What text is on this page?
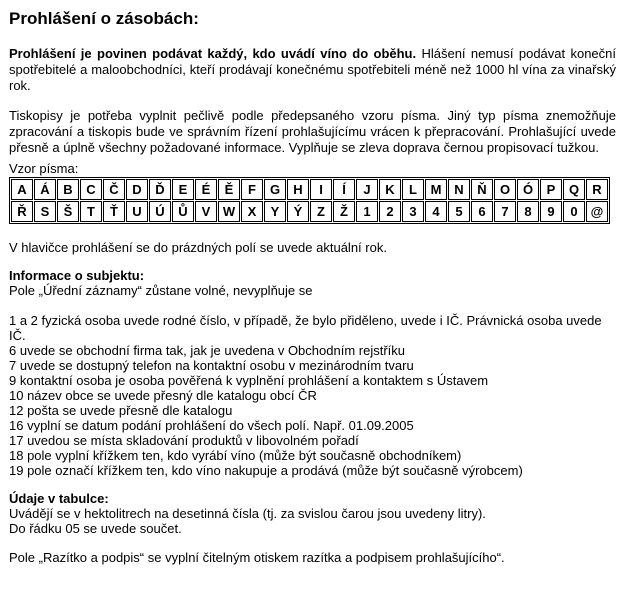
Prohlášení o zásobách:

Prohlášení je povinen podávat každý, kdo uvádí víno do oběhu. Hlášení nemusí podávat koneční spotřebitelé a maloobchodníci, kteří prodávají konečnému spotřebiteli méně než 1000 hl vína za vinařský rok.

Tiskopisy je potřeba vyplnit pečlivě podle předepsaného vzoru písma. Jiný typ písma znemožňuje zpracování a tiskopis bude ve správním řízení prohlašujícímu vrácen k přepracování. Prohlašující uvede přesně a úplně všechny požadované informace. Vyplňuje se zleva doprava černou propisovací tužkou.

Vzor písma:
A	Á	B	C	Č	D	Ď	E	É	Ě	F	G	H	I	Í	J	K	L	M	N	Ň	O	Ó	P	Q	R
Ř	S	Š	T	Ť	U	Ú	Ů	V	W	X	Y	Ý	Z	Ž	1	2	3	4	5	6	7	8	9	0	@
V hlavičce prohlášení se do prázdných polí se uvede aktuální rok.
Informace o subjektu:
Pole „Úřední záznamy“ zůstane volné, nevyplňuje se
1 a 2 fyzická osoba uvede rodné číslo, v případě, že bylo přiděleno, uvede i IČ. Právnická osoba uvede IČ.
6 uvede se obchodní firma tak, jak je uvedena v Obchodním rejstříku
7 uvede se dostupný telefon na kontaktní osobu v mezinárodním tvaru
9 kontaktní osoba je osoba pověřená k vyplnění prohlášení a kontaktem s Ústavem
10 název obce se uvede přesný dle katalogu obcí ČR
12 pošta se uvede přesně dle katalogu
16 vyplní se datum podání prohlášení do všech polí. Např. 01.09.2005
17 uvedou se místa skladování produktů v libovolném pořadí
18 pole vyplní křížkem ten, kdo vyrábí víno (může být současně obchodníkem)
19 pole označí křížkem ten, kdo víno nakupuje a prodává (může být současně výrobcem)
Údaje v tabulce:
Uvádějí se v hektolitrech na desetinná čísla (tj. za svislou čarou jsou uvedeny litry).
Do řádku 05 se uvede součet.
Pole „Razítko a podpis“ se vyplní čitelným otiskem razítka a podpisem prohlašujícího“.
